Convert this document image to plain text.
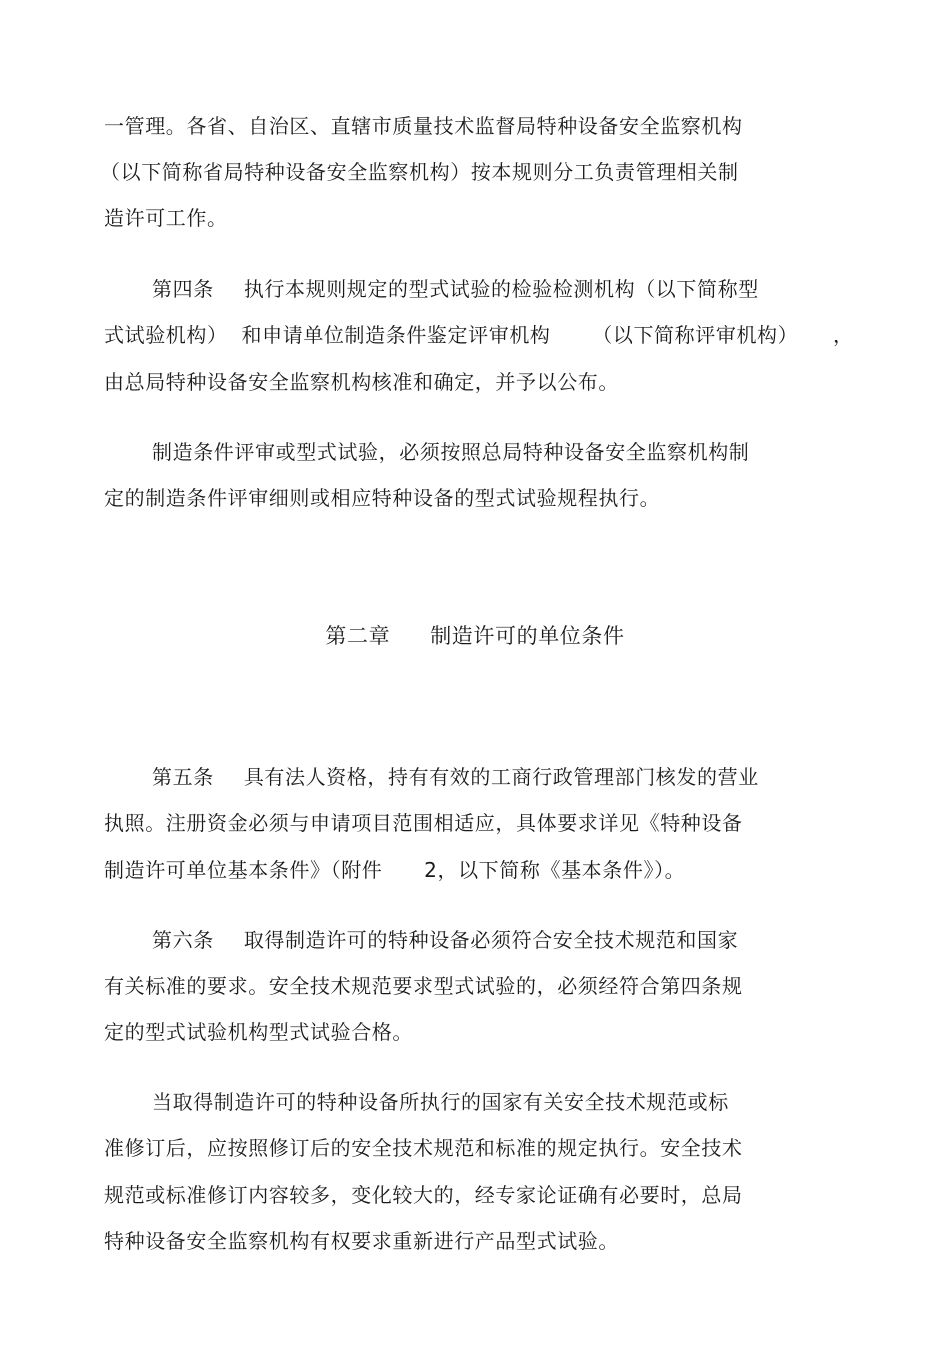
一管理。各省、自治区、直辖市质量技术监督局特种设备安全监察机构
（以下简称省局特种设备安全监察机构）按本规则分工负责管理相关制
造许可工作。
第四条 执行本规则规定的型式试验的检验检测机构（以下简称型
式试验机构）  和申请单位制造条件鉴定评审机构      （以下简称评审机构）     ，
由总局特种设备安全监察机构核准和确定，并予以公布。
制造条件评审或型式试验，必须按照总局特种设备安全监察机构制
定的制造条件评审细则或相应特种设备的型式试验规程执行。
第二章 制造许可的单位条件
第五条 具有法人资格，持有有效的工商行政管理部门核发的营业
执照。注册资金必须与申请项目范围相适应，具体要求详见《特种设备
制造许可单位基本条件》（附件      2，以下简称《基本条件》）。
第六条 取得制造许可的特种设备必须符合安全技术规范和国家
有关标准的要求。安全技术规范要求型式试验的，必须经符合第四条规
定的型式试验机构型式试验合格。
当取得制造许可的特种设备所执行的国家有关安全技术规范或标
准修订后，应按照修订后的安全技术规范和标准的规定执行。安全技术
规范或标准修订内容较多，变化较大的，经专家论证确有必要时，总局
特种设备安全监察机构有权要求重新进行产品型式试验。
